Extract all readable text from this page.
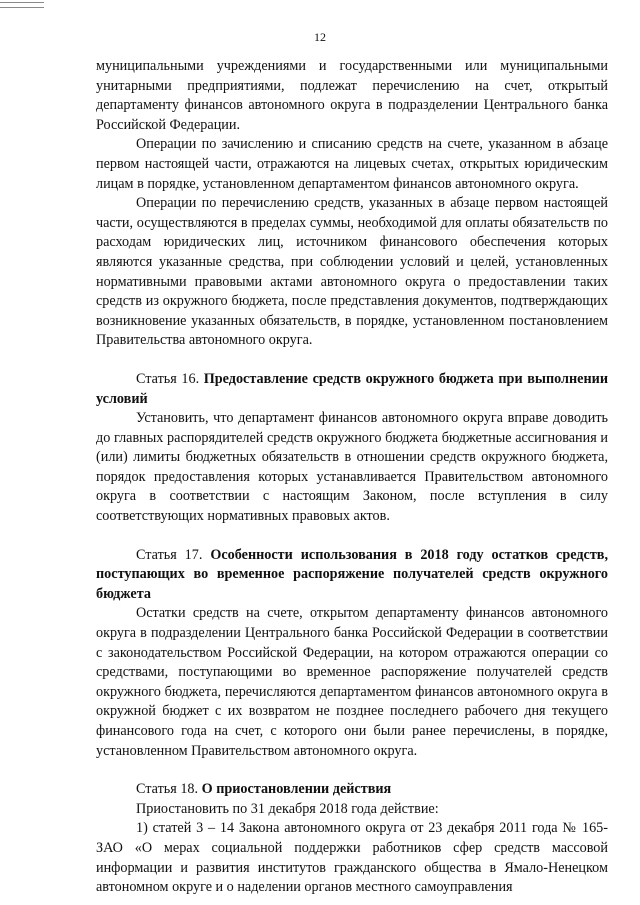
12

муниципальными учреждениями и государственными или муниципальными унитарными предприятиями, подлежат перечислению на счет, открытый департаменту финансов автономного округа в подразделении Центрального банка Российской Федерации.

Операции по зачислению и списанию средств на счете, указанном в абзаце первом настоящей части, отражаются на лицевых счетах, открытых юридическим лицам в порядке, установленном департаментом финансов автономного округа.

Операции по перечислению средств, указанных в абзаце первом настоящей части, осуществляются в пределах суммы, необходимой для оплаты обязательств по расходам юридических лиц, источником финансового обеспечения которых являются указанные средства, при соблюдении условий и целей, установленных нормативными правовыми актами автономного округа о предоставлении таких средств из окружного бюджета, после представления документов, подтверждающих возникновение указанных обязательств, в порядке, установленном постановлением Правительства автономного округа.

Статья 16. Предоставление средств окружного бюджета при выполнении условий

Установить, что департамент финансов автономного округа вправе доводить до главных распорядителей средств окружного бюджета бюджетные ассигнования и (или) лимиты бюджетных обязательств в отношении средств окружного бюджета, порядок предоставления которых устанавливается Правительством автономного округа в соответствии с настоящим Законом, после вступления в силу соответствующих нормативных правовых актов.

Статья 17. Особенности использования в 2018 году остатков средств, поступающих во временное распоряжение получателей средств окружного бюджета

Остатки средств на счете, открытом департаменту финансов автономного округа в подразделении Центрального банка Российской Федерации в соответствии с законодательством Российской Федерации, на котором отражаются операции со средствами, поступающими во временное распоряжение получателей средств окружного бюджета, перечисляются департаментом финансов автономного округа в окружной бюджет с их возвратом не позднее последнего рабочего дня текущего финансового года на счет, с которого они были ранее перечислены, в порядке, установленном Правительством автономного округа.

Статья 18. О приостановлении действия

Приостановить по 31 декабря 2018 года действие:

1) статей 3 – 14 Закона автономного округа от 23 декабря 2011 года № 165-ЗАО «О мерах социальной поддержки работников сфер средств массовой информации и развития институтов гражданского общества в Ямало-Ненецком автономном округе и о наделении органов местного самоуправления
